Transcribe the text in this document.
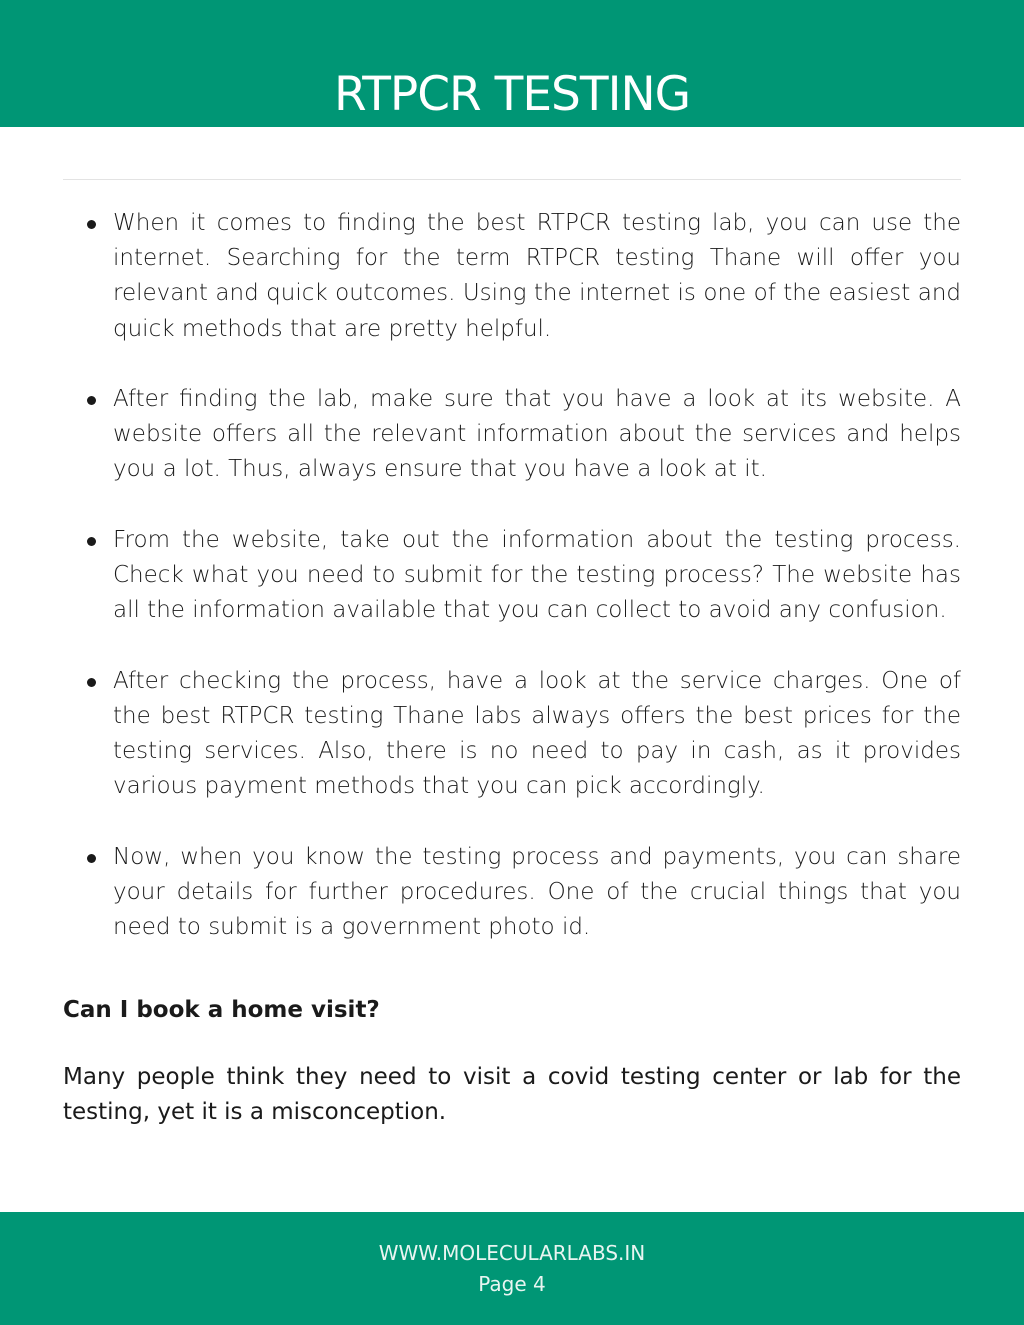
RTPCR TESTING
When it comes to finding the best RTPCR testing lab, you can use the internet. Searching for the term RTPCR testing Thane will offer you relevant and quick outcomes. Using the internet is one of the easiest and quick methods that are pretty helpful.
After finding the lab, make sure that you have a look at its website. A website offers all the relevant information about the services and helps you a lot. Thus, always ensure that you have a look at it.
From the website, take out the information about the testing process. Check what you need to submit for the testing process? The website has all the information available that you can collect to avoid any confusion.
After checking the process, have a look at the service charges. One of the best RTPCR testing Thane labs always offers the best prices for the testing services. Also, there is no need to pay in cash, as it provides various payment methods that you can pick accordingly.
Now, when you know the testing process and payments, you can share your details for further procedures. One of the crucial things that you need to submit is a government photo id.
Can I book a home visit?

Many people think they need to visit a covid testing center or lab for the testing, yet it is a misconception.

WWW.MOLECULARLABS.IN
Page 4
